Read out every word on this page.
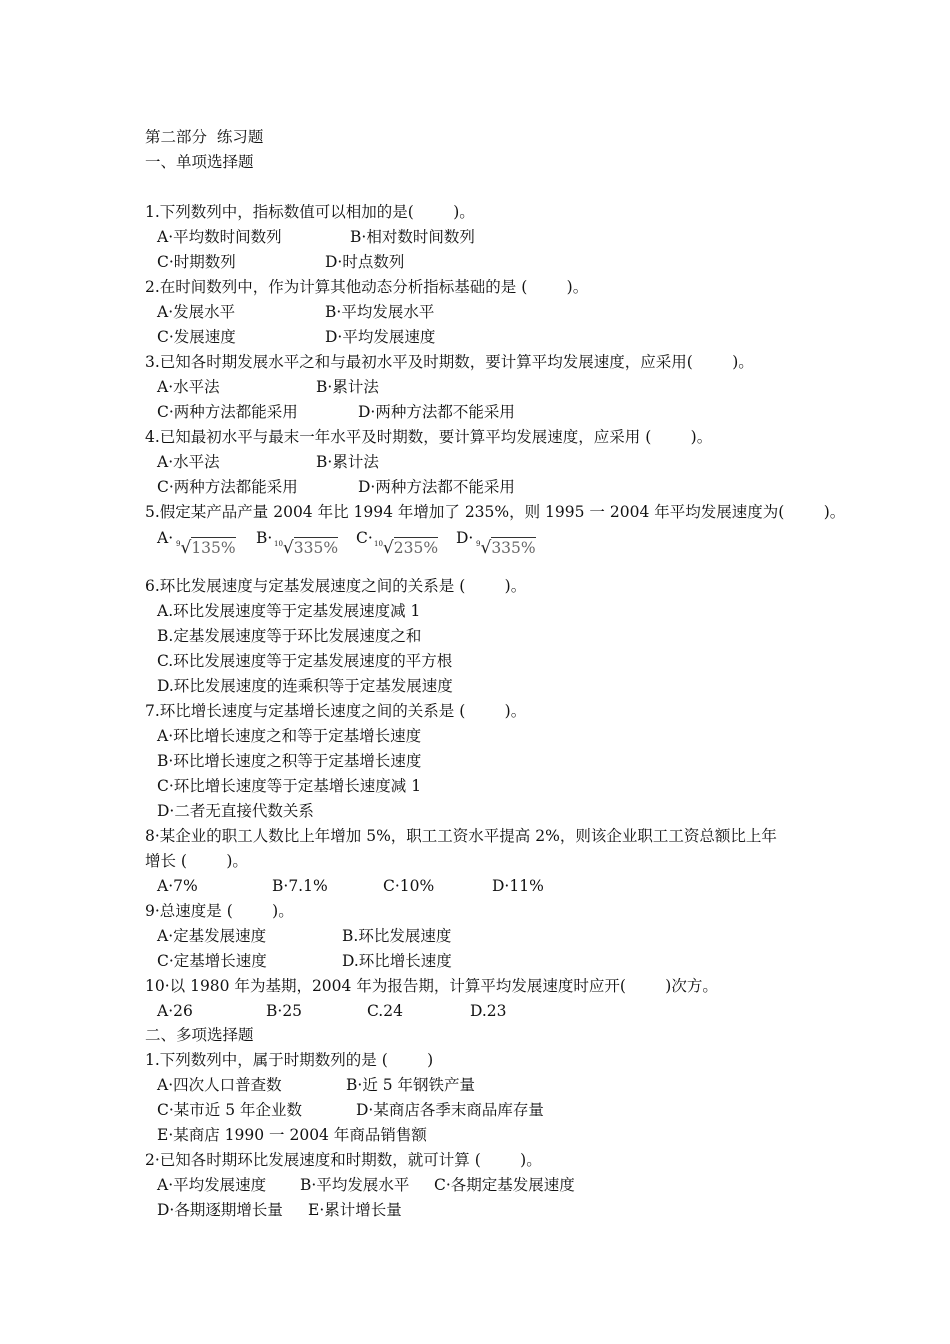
第二部分  练习题
一、单项选择题
1.下列数列中，指标数值可以相加的是(        )。
A·平均数时间数列	B·相对数时间数列
C·时期数列	D·时点数列
2.在时间数列中，作为计算其他动态分析指标基础的是 (        )。
A·发展水平	B·平均发展水平
C·发展速度	D·平均发展速度
3.已知各时期发展水平之和与最初水平及时期数，要计算平均发展速度，应采用(        )。
A·水平法	B·累计法
C·两种方法都能采用	D·两种方法都不能采用
4.已知最初水平与最末一年水平及时期数，要计算平均发展速度，应采用 (        )。
A·水平法	B·累计法
C·两种方法都能采用	D·两种方法都不能采用
5.假定某产品产量 2004 年比 1994 年增加了 235%，则 1995 一 2004 年平均发展速度为(        )。
A· $^9$√135%
B· $^{10}$√335%
C· $^{10}$√235%
D· $^9$√335%
6.环比发展速度与定基发展速度之间的关系是 (        )。
A.环比发展速度等于定基发展速度减 1
B.定基发展速度等于环比发展速度之和
C.环比发展速度等于定基发展速度的平方根
D.环比发展速度的连乘积等于定基发展速度
7.环比增长速度与定基增长速度之间的关系是 (        )。
A·环比增长速度之和等于定基增长速度
B·环比增长速度之积等于定基增长速度
C·环比增长速度等于定基增长速度减 1
D·二者无直接代数关系
8·某企业的职工人数比上年增加 5%，职工工资水平提高 2%，则该企业职工工资总额比上年
增长 (        )。
A·7%	B·7.1%	C·10%	D·11%
9·总速度是 (        )。
A·定基发展速度	B.环比发展速度
C·定基增长速度	D.环比增长速度
10·以 1980 年为基期，2004 年为报告期，计算平均发展速度时应开(        )次方。
A·26	B·25	C.24	D.23
二、多项选择题
1.下列数列中，属于时期数列的是 (        )
A·四次人口普查数	B·近 5 年钢铁产量
C·某市近 5 年企业数	D·某商店各季末商品库存量
E·某商店 1990 一 2004 年商品销售额
2·已知各时期环比发展速度和时期数，就可计算 (        )。
A·平均发展速度 B·平均发展水平 C·各期定基发展速度
D·各期逐期增长量 E·累计增长量
